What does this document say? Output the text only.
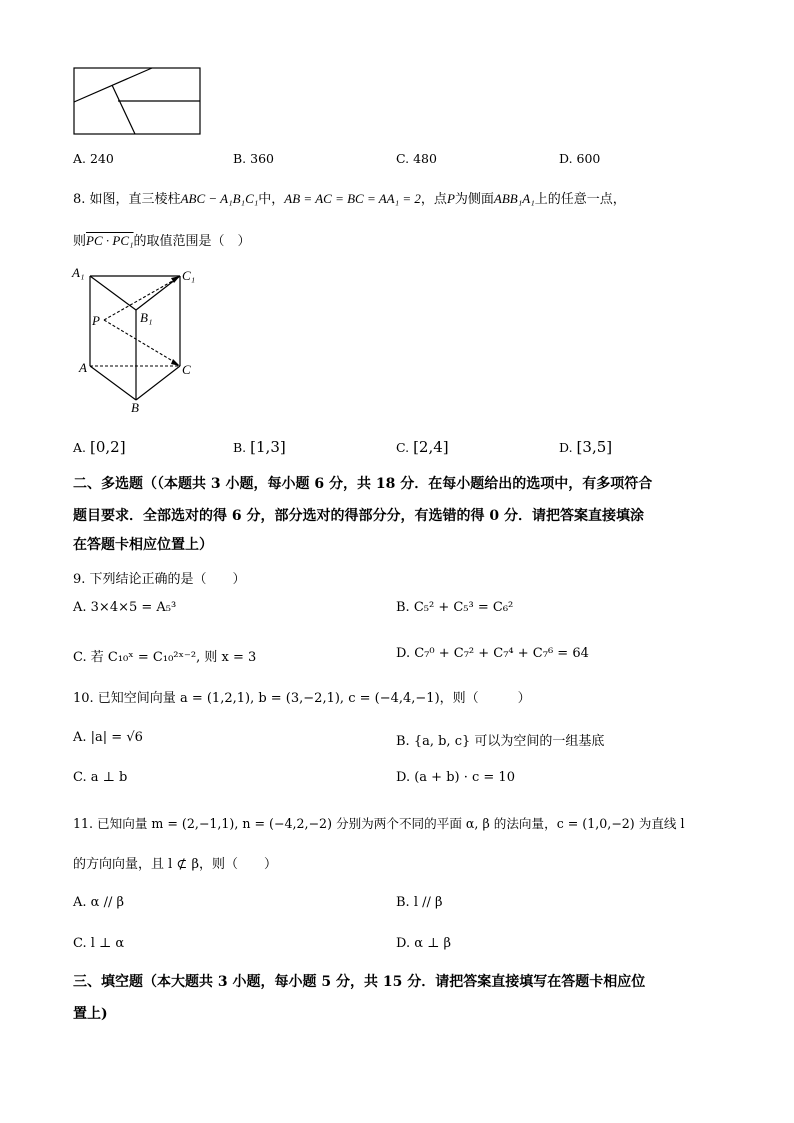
A. 240	B. 360	C. 480	D. 600
8. 如图，直三棱柱ABC − A₁B₁C₁中，AB = AC = BC = AA₁ = 2，点P为侧面ABB₁A₁上的任意一点，
则PC · PC₁的取值范围是（　）
A₁	C₁
P	B₁
A	C
B
A. [0,2]	B. [1,3]	C. [2,4]	D. [3,5]
二、多选题（（本题共 3 小题，每小题 6 分，共 18 分．在每小题给出的选项中，有多项符合
题目要求．全部选对的得 6 分，部分选对的得部分分，有选错的得 0 分．请把答案直接填涂
在答题卡相应位置上）
9. 下列结论正确的是（　　）
A. 3×4×5 = A₅³	B. C₅² + C₅³ = C₆²
C. 若 C₁₀ˣ = C₁₀²ˣ⁻², 则 x = 3	D. C₇⁰ + C₇² + C₇⁴ + C₇⁶ = 64
10. 已知空间向量 a = (1,2,1), b = (3,−2,1), c = (−4,4,−1)，则（　　　）
A. |a| = √6	B. {a, b, c} 可以为空间的一组基底
C. a ⊥ b	D. (a + b) · c = 10
11. 已知向量 m = (2,−1,1), n = (−4,2,−2) 分别为两个不同的平面 α, β 的法向量，c = (1,0,−2) 为直线 l
的方向向量，且 l ⊄ β，则（　　）
A. α // β	B. l // β
C. l ⊥ α	D. α ⊥ β
三、填空题（本大题共 3 小题，每小题 5 分，共 15 分．请把答案直接填写在答题卡相应位
置上)
